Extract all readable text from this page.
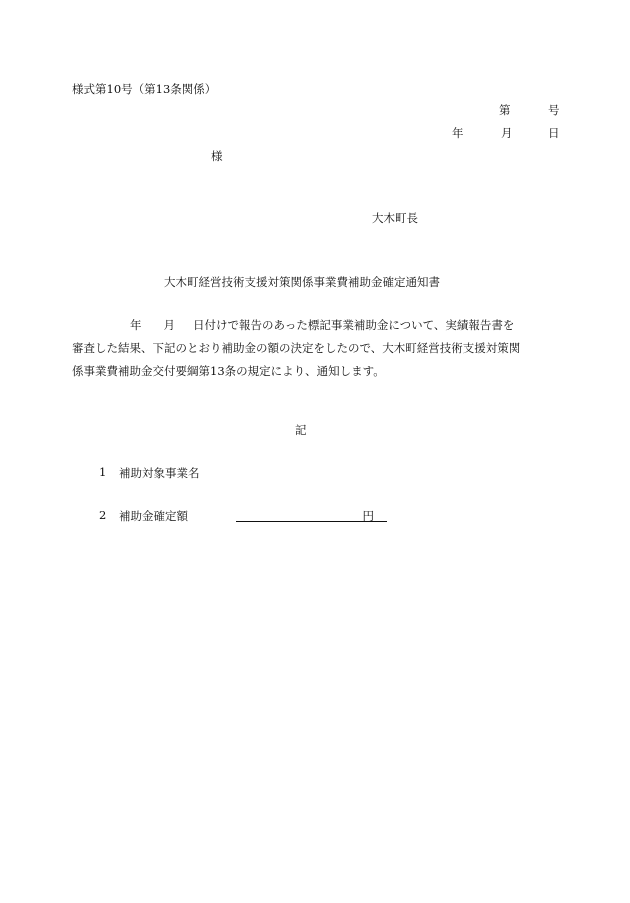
様式第10号（第13条関係）
第	号
年	月	日
様
大木町長
大木町経営技術支援対策関係事業費補助金確定通知書
年 月 日付けで報告のあった標記事業補助金について、実績報告書を
審査した結果、下記のとおり補助金の額の決定をしたので、大木町経営技術支援対策関
係事業費補助金交付要綱第13条の規定により、通知します。
記
1 補助対象事業名
2 補助金確定額	円
